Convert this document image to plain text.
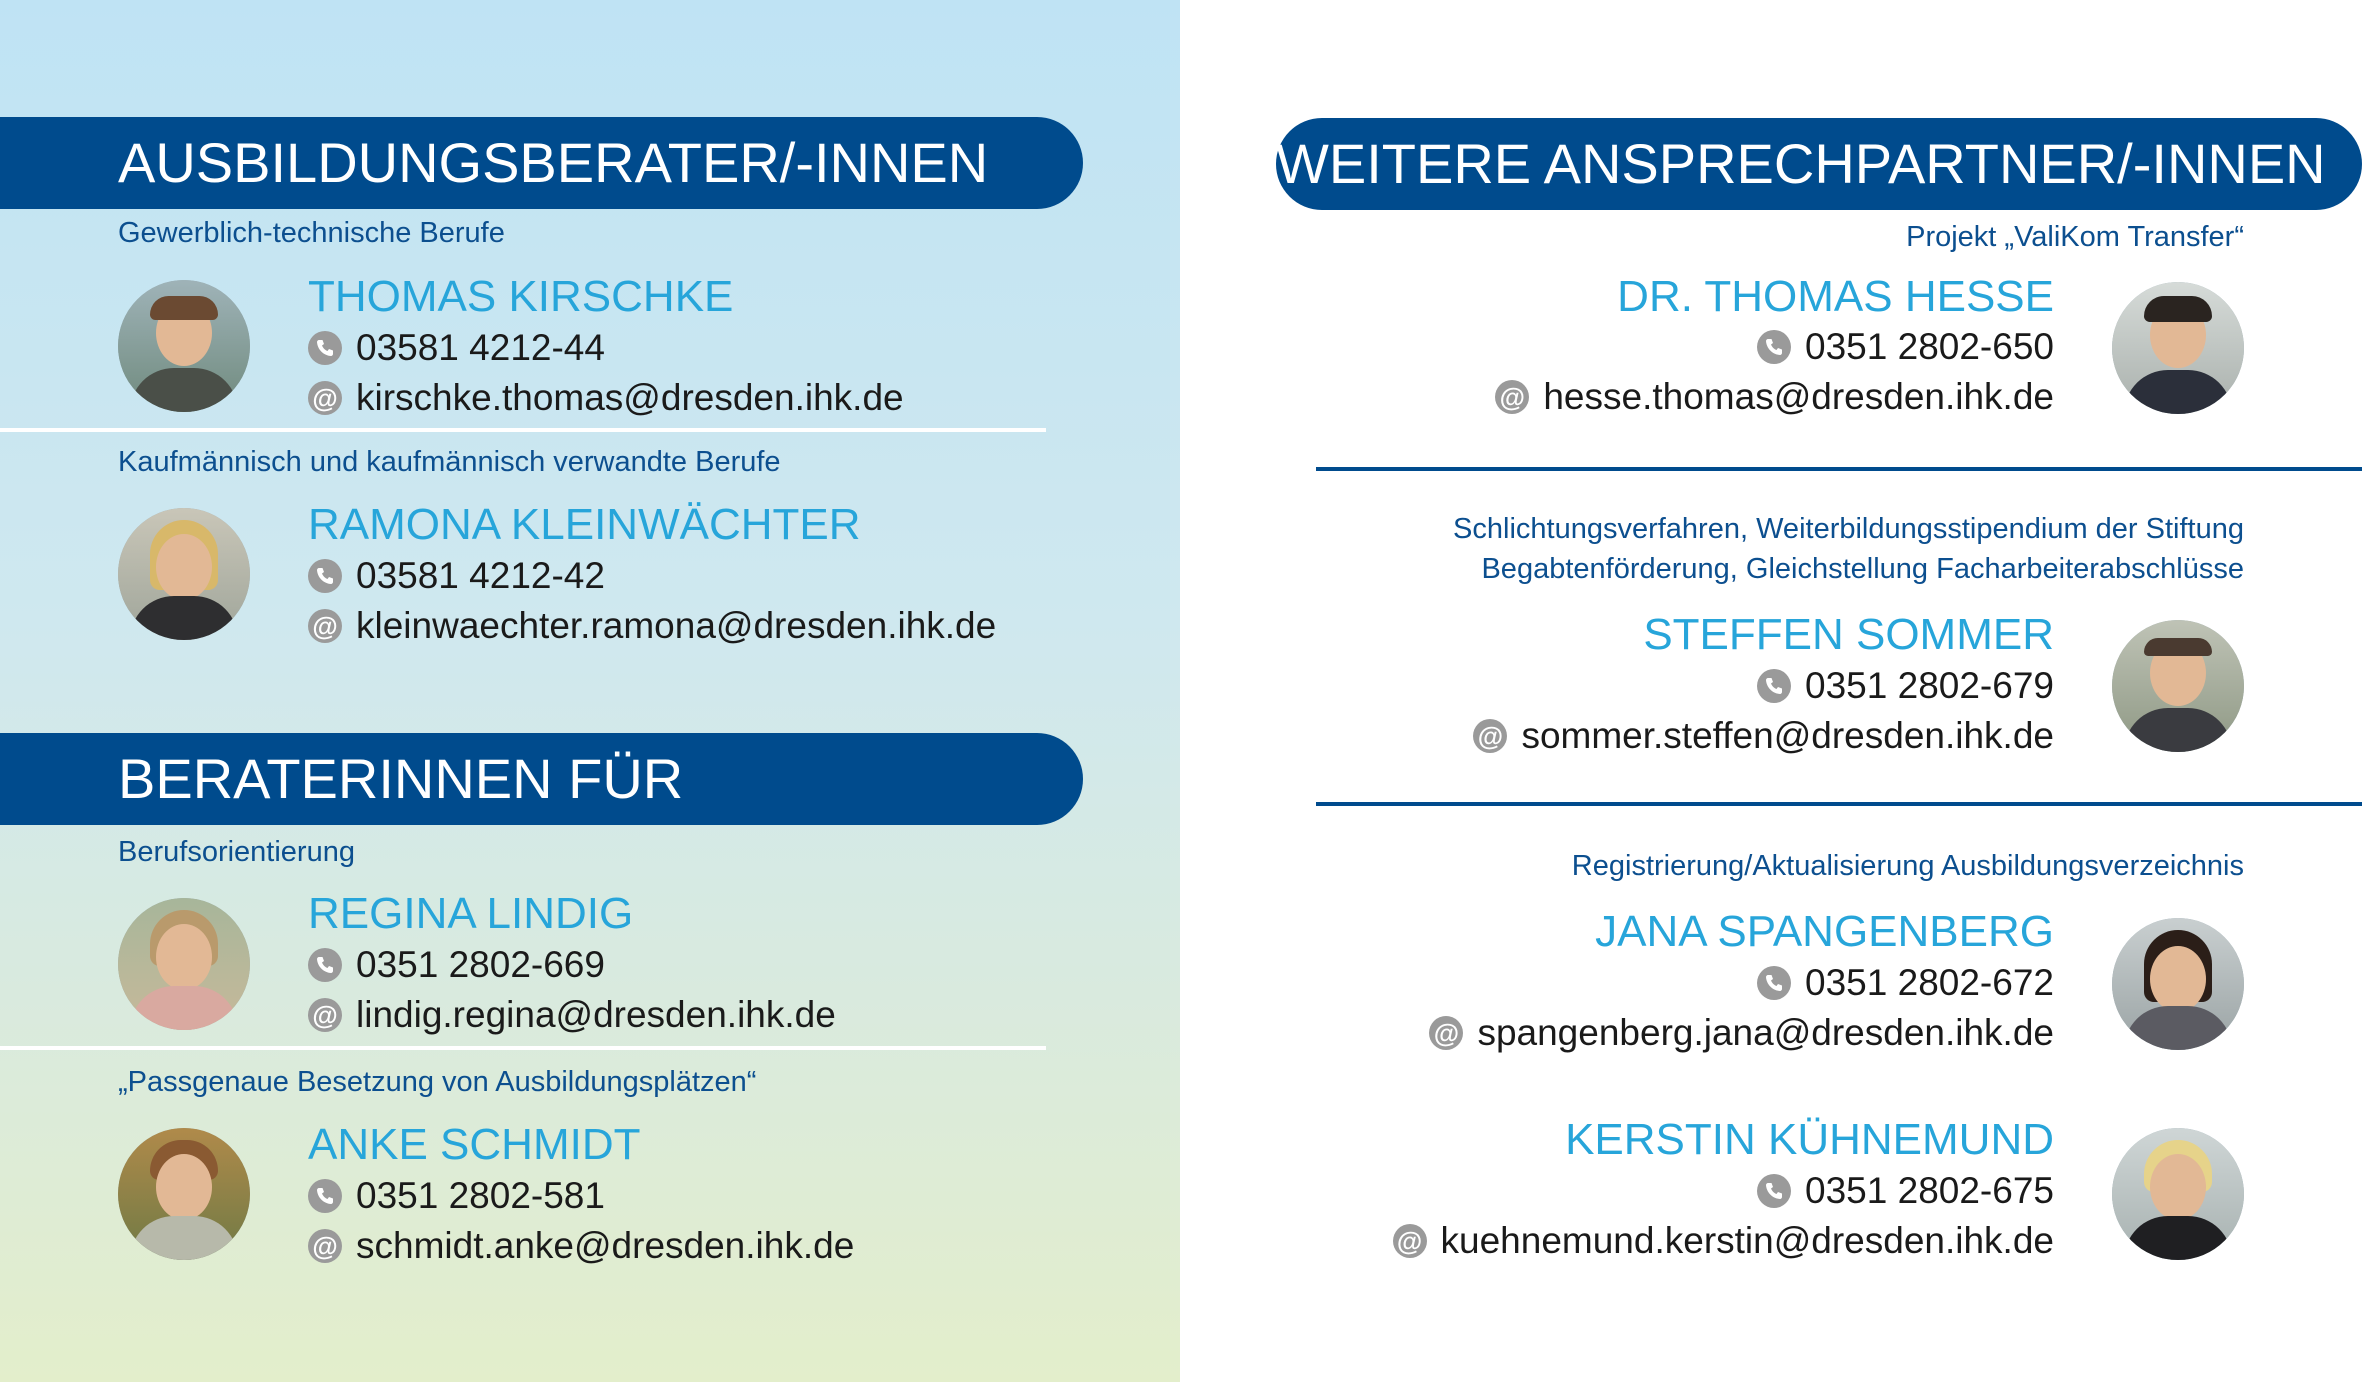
AUSBILDUNGSBERATER/-INNEN
Gewerblich-technische Berufe
THOMAS KIRSCHKE
03581 4212-44
@ kirschke.thomas@dresden.ihk.de
Kaufmännisch und kaufmännisch verwandte Berufe
RAMONA KLEINWÄCHTER
03581 4212-42
@ kleinwaechter.ramona@dresden.ihk.de
BERATERINNEN FÜR
Berufsorientierung
REGINA LINDIG
0351 2802-669
@ lindig.regina@dresden.ihk.de
„Passgenaue Besetzung von Ausbildungsplätzen“
ANKE SCHMIDT
0351 2802-581
@ schmidt.anke@dresden.ihk.de
WEITERE ANSPRECHPARTNER/-INNEN
Projekt „ValiKom Transfer“
DR. THOMAS HESSE
0351 2802-650
@ hesse.thomas@dresden.ihk.de
Schlichtungsverfahren, Weiterbildungsstipendium der Stiftung
Begabtenförderung, Gleichstellung Facharbeiterabschlüsse
STEFFEN SOMMER
0351 2802-679
@ sommer.steffen@dresden.ihk.de
Registrierung/Aktualisierung Ausbildungsverzeichnis
JANA SPANGENBERG
0351 2802-672
@ spangenberg.jana@dresden.ihk.de
KERSTIN KÜHNEMUND
0351 2802-675
@ kuehnemund.kerstin@dresden.ihk.de
